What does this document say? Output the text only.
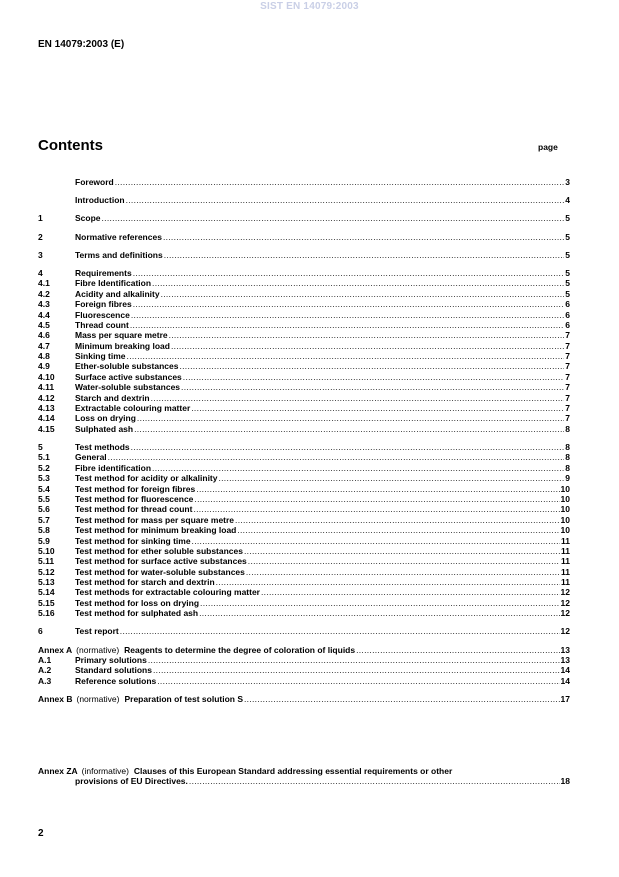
SIST EN 14079:2003
EN 14079:2003 (E)
Contents	page
Foreword .....	3
Introduction .....	4
1	Scope .....	5
2	Normative references .....	5
3	Terms and definitions .....	5
4	Requirements .....	5
4.1	Fibre Identification .....	5
4.2	Acidity and alkalinity .....	5
4.3	Foreign fibres .....	6
4.4	Fluorescence .....	6
4.5	Thread count .....	6
4.6	Mass per square metre .....	7
4.7	Minimum breaking load .....	7
4.8	Sinking time .....	7
4.9	Ether-soluble substances .....	7
4.10	Surface active substances .....	7
4.11	Water-soluble substances .....	7
4.12	Starch and dextrin .....	7
4.13	Extractable colouring matter .....	7
4.14	Loss on drying .....	7
4.15	Sulphated ash .....	8
5	Test methods .....	8
5.1	General .....	8
5.2	Fibre identification .....	8
5.3	Test method for acidity or alkalinity .....	9
5.4	Test method for foreign fibres .....	10
5.5	Test method for fluorescence .....	10
5.6	Test method for thread count .....	10
5.7	Test method for mass per square metre .....	10
5.8	Test method for minimum breaking load .....	10
5.9	Test method for sinking time .....	11
5.10	Test method for ether soluble substances .....	11
5.11	Test method for surface active substances .....	11
5.12	Test method for water-soluble substances .....	11
5.13	Test method for starch and dextrin .....	11
5.14	Test methods for extractable colouring matter .....	12
5.15	Test method for loss on drying .....	12
5.16	Test method for sulphated ash .....	12
6	Test report .....	12
Annex A (normative) Reagents to determine the degree of coloration of liquids .....	13
A.1	Primary solutions .....	13
A.2	Standard solutions .....	14
A.3	Reference solutions .....	14
Annex B (normative) Preparation of test solution S .....	17
Annex ZA (informative) Clauses of this European Standard addressing essential requirements or other
provisions of EU Directives. .....	18
2
